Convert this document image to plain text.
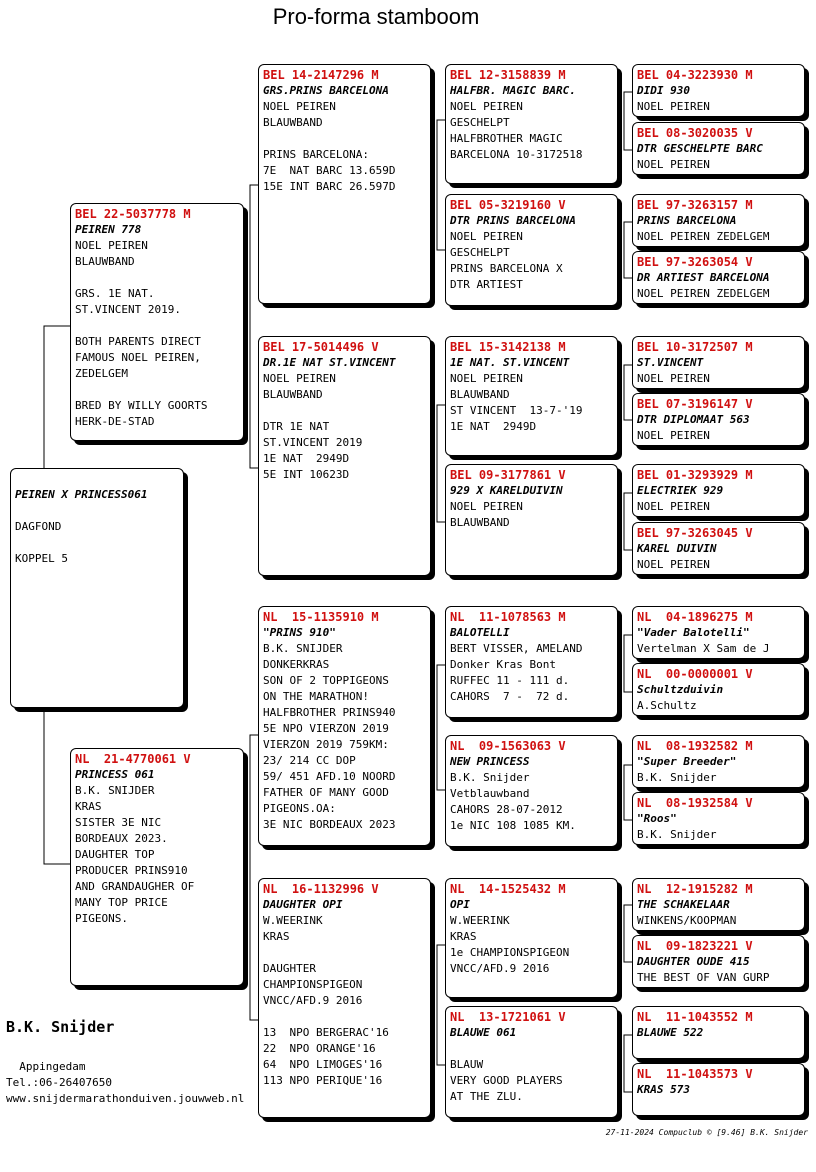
Pro-forma stamboom
PEIREN X PRINCESS061
DAGFOND
KOPPEL 5
BEL 22-5037778 M
PEIREN 778
NOEL PEIREN
BLAUWBAND
GRS. 1E NAT.
ST.VINCENT 2019.
BOTH PARENTS DIRECT
FAMOUS NOEL PEIREN,
ZEDELGEM
BRED BY WILLY GOORTS
HERK-DE-STAD
NL  21-4770061 V
PRINCESS 061
B.K. SNIJDER
KRAS
SISTER 3E NIC
BORDEAUX 2023.
DAUGHTER TOP
PRODUCER PRINS910
AND GRANDAUGHER OF
MANY TOP PRICE
PIGEONS.
BEL 14-2147296 M
GRS.PRINS BARCELONA
NOEL PEIREN
BLAUWBAND
PRINS BARCELONA:
7E  NAT BARC 13.659D
15E INT BARC 26.597D
BEL 17-5014496 V
DR.1E NAT ST.VINCENT
NOEL PEIREN
BLAUWBAND
DTR 1E NAT
ST.VINCENT 2019
1E NAT  2949D
5E INT 10623D
NL  15-1135910 M
"PRINS 910"
B.K. SNIJDER
DONKERKRAS
SON OF 2 TOPPIGEONS
ON THE MARATHON!
HALFBROTHER PRINS940
5E NPO VIERZON 2019
VIERZON 2019 759KM:
23/ 214 CC DOP
59/ 451 AFD.10 NOORD
FATHER OF MANY GOOD
PIGEONS.OA:
3E NIC BORDEAUX 2023
NL  16-1132996 V
DAUGHTER OPI
W.WEERINK
KRAS
DAUGHTER
CHAMPIONSPIGEON
VNCC/AFD.9 2016
13  NPO BERGERAC'16
22  NPO ORANGE'16
64  NPO LIMOGES'16
113 NPO PERIQUE'16
BEL 12-3158839 M
HALFBR. MAGIC BARC.
NOEL PEIREN
GESCHELPT
HALFBROTHER MAGIC
BARCELONA 10-3172518
BEL 05-3219160 V
DTR PRINS BARCELONA
NOEL PEIREN
GESCHELPT
PRINS BARCELONA X
DTR ARTIEST
BEL 15-3142138 M
1E NAT. ST.VINCENT
NOEL PEIREN
BLAUWBAND
ST VINCENT  13-7-'19
1E NAT  2949D
BEL 09-3177861 V
929 X KARELDUIVIN
NOEL PEIREN
BLAUWBAND
NL  11-1078563 M
BALOTELLI
BERT VISSER, AMELAND
Donker Kras Bont
RUFFEC 11 - 111 d.
CAHORS  7 -  72 d.
NL  09-1563063 V
NEW PRINCESS
B.K. Snijder
Vetblauwband
CAHORS 28-07-2012
1e NIC 108 1085 KM.
NL  14-1525432 M
OPI
W.WEERINK
KRAS
1e CHAMPIONSPIGEON
VNCC/AFD.9 2016
NL  13-1721061 V
BLAUWE 061
BLAUW
VERY GOOD PLAYERS
AT THE ZLU.
BEL 04-3223930 M
DIDI 930
NOEL PEIREN
BEL 08-3020035 V
DTR GESCHELPTE BARC
NOEL PEIREN
BEL 97-3263157 M
PRINS BARCELONA
NOEL PEIREN ZEDELGEM
BEL 97-3263054 V
DR ARTIEST BARCELONA
NOEL PEIREN ZEDELGEM
BEL 10-3172507 M
ST.VINCENT
NOEL PEIREN
BEL 07-3196147 V
DTR DIPLOMAAT 563
NOEL PEIREN
BEL 01-3293929 M
ELECTRIEK 929
NOEL PEIREN
BEL 97-3263045 V
KAREL DUIVIN
NOEL PEIREN
NL  04-1896275 M
"Vader Balotelli"
Vertelman X Sam de J
NL  00-0000001 V
Schultzduivin
A.Schultz
NL  08-1932582 M
"Super Breeder"
B.K. Snijder
NL  08-1932584 V
"Roos"
B.K. Snijder
NL  12-1915282 M
THE SCHAKELAAR
WINKENS/KOOPMAN
NL  09-1823221 V
DAUGHTER OUDE 415
THE BEST OF VAN GURP
NL  11-1043552 M
BLAUWE 522
NL  11-1043573 V
KRAS 573
B.K. Snijder
Appingedam
Tel.:06-26407650
www.snijdermarathonduiven.jouwweb.nl
27-11-2024 Compuclub © [9.46] B.K. Snijder
